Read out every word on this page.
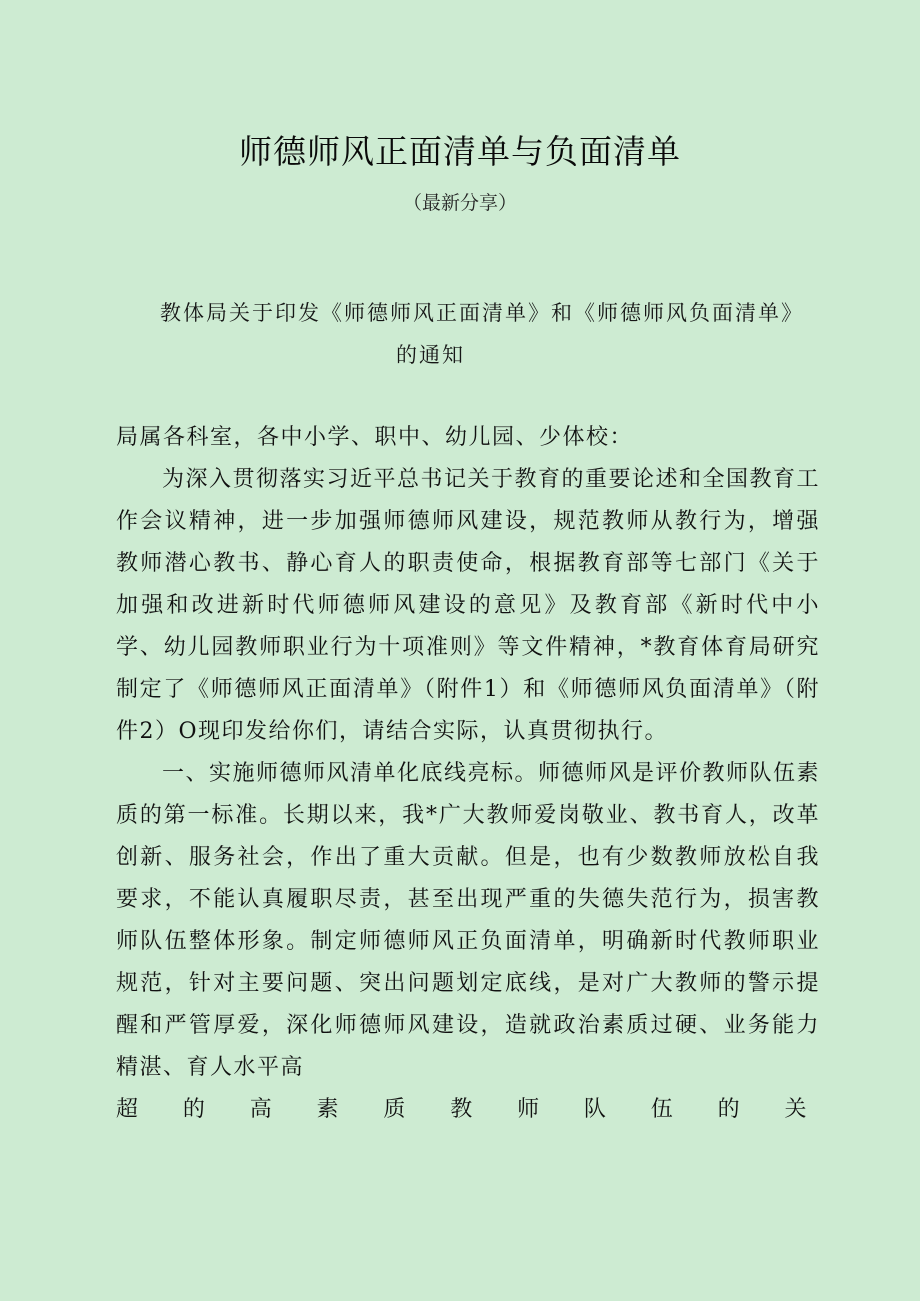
师德师风正面清单与负面清单
（最新分享）
教体局关于印发《师德师风正面清单》和《师德师风负面清单》
的通知

局属各科室，各中小学、职中、幼儿园、少体校：

为深入贯彻落实习近平总书记关于教育的重要论述和全国教育工作会议精神，进一步加强师德师风建设，规范教师从教行为，增强教师潜心教书、静心育人的职责使命，根据教育部等七部门《关于加强和改进新时代师德师风建设的意见》及教育部《新时代中小学、幼儿园教师职业行为十项准则》等文件精神，*教育体育局研究制定了《师德师风正面清单》（附件1）和《师德师风负面清单》（附件2）O现印发给你们，请结合实际，认真贯彻执行。

一、实施师德师风清单化底线亮标。师德师风是评价教师队伍素质的第一标准。长期以来，我*广大教师爱岗敬业、教书育人，改革创新、服务社会，作出了重大贡献。但是，也有少数教师放松自我要求，不能认真履职尽责，甚至出现严重的失德失范行为，损害教师队伍整体形象。制定师德师风正负面清单，明确新时代教师职业规范，针对主要问题、突出问题划定底线，是对广大教师的警示提醒和严管厚爱，深化师德师风建设，造就政治素质过硬、业务能力精湛、育人水平高

超 的 高 素 质 教 师 队 伍 的 关
